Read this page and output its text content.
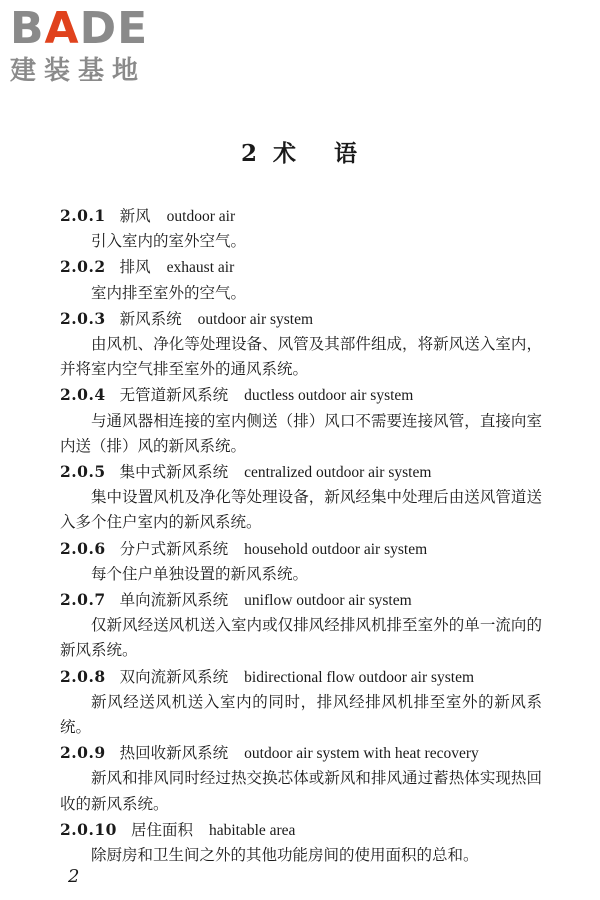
BADE
建装基地
2 术 语

2.0.1 新风 outdoor air

引入室内的室外空气。

2.0.2 排风 exhaust air

室内排至室外的空气。

2.0.3 新风系统 outdoor air system

由风机、净化等处理设备、风管及其部件组成，将新风送入室内，并将室内空气排至室外的通风系统。

2.0.4 无管道新风系统 ductless outdoor air system

与通风器相连接的室内侧送（排）风口不需要连接风管，直接向室内送（排）风的新风系统。

2.0.5 集中式新风系统 centralized outdoor air system

集中设置风机及净化等处理设备，新风经集中处理后由送风管道送入多个住户室内的新风系统。

2.0.6 分户式新风系统 household outdoor air system

每个住户单独设置的新风系统。

2.0.7 单向流新风系统 uniflow outdoor air system

仅新风经送风机送入室内或仅排风经排风机排至室外的单一流向的新风系统。

2.0.8 双向流新风系统 bidirectional flow outdoor air system

新风经送风机送入室内的同时，排风经排风机排至室外的新风系统。

2.0.9 热回收新风系统 outdoor air system with heat recovery

新风和排风同时经过热交换芯体或新风和排风通过蓄热体实现热回收的新风系统。

2.0.10 居住面积 habitable area

除厨房和卫生间之外的其他功能房间的使用面积的总和。

2
